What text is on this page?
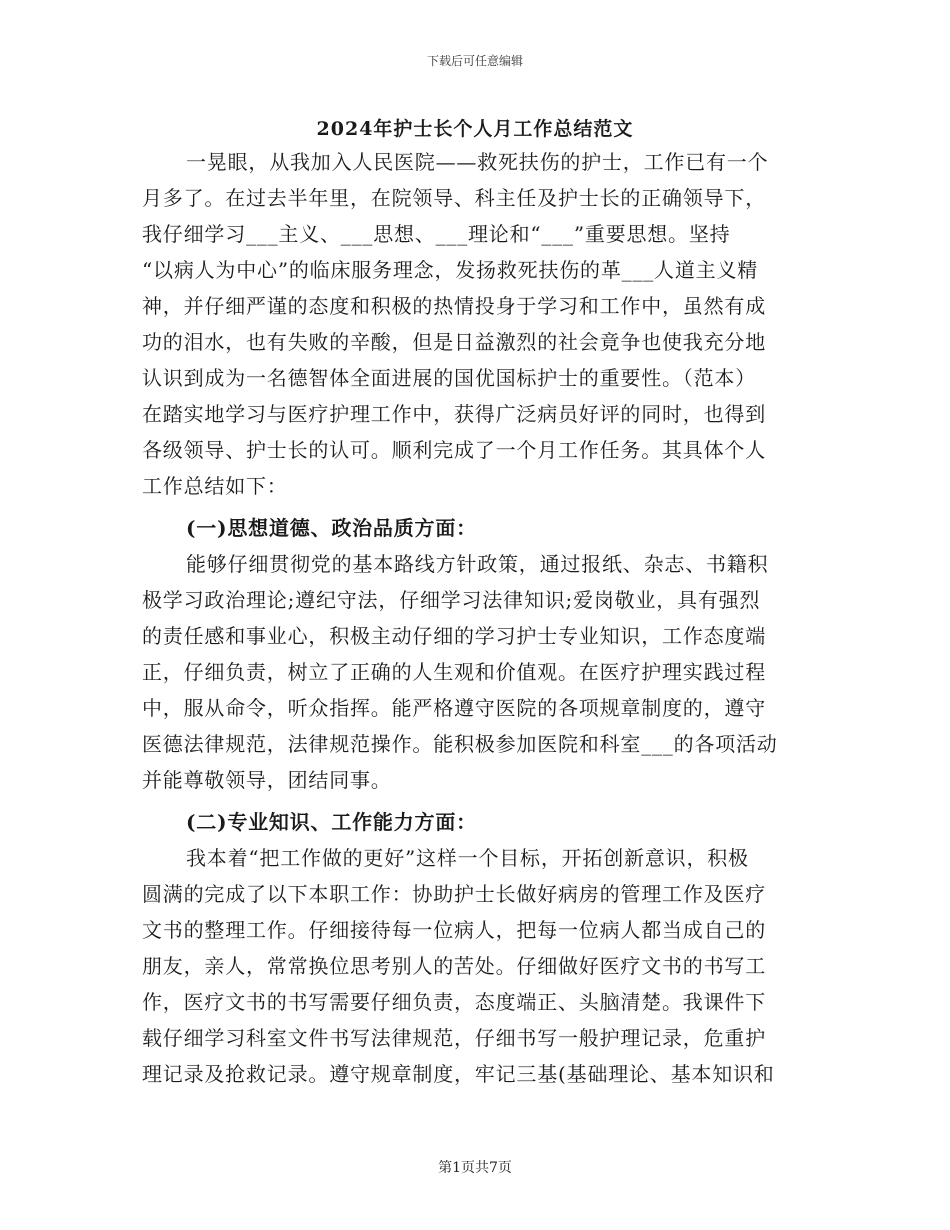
下载后可任意编辑
2024年护士长个人月工作总结范文
一晃眼，从我加入人民医院——救死扶伤的护士，工作已有一个
月多了。在过去半年里，在院领导、科主任及护士长的正确领导下，
我仔细学习___主义、___思想、___理论和“___”重要思想。坚持
“以病人为中心”的临床服务理念，发扬救死扶伤的革___人道主义精
神，并仔细严谨的态度和积极的热情投身于学习和工作中，虽然有成
功的泪水，也有失败的辛酸，但是日益激烈的社会竟争也使我充分地
认识到成为一名德智体全面进展的国优国标护士的重要性。（范本）
在踏实地学习与医疗护理工作中，获得广泛病员好评的同时，也得到
各级领导、护士长的认可。顺利完成了一个月工作任务。其具体个人
工作总结如下：
(一)思想道德、政治品质方面：
能够仔细贯彻党的基本路线方针政策，通过报纸、杂志、书籍积
极学习政治理论;遵纪守法，仔细学习法律知识;爱岗敬业，具有强烈
的责任感和事业心，积极主动仔细的学习护士专业知识，工作态度端
正，仔细负责，树立了正确的人生观和价值观。在医疗护理实践过程
中，服从命令，听众指挥。能严格遵守医院的各项规章制度的，遵守
医德法律规范，法律规范操作。能积极参加医院和科室___的各项活动
并能尊敬领导，团结同事。
(二)专业知识、工作能力方面：
我本着“把工作做的更好”这样一个目标，开拓创新意识，积极
圆满的完成了以下本职工作：协助护士长做好病房的管理工作及医疗
文书的整理工作。仔细接待每一位病人，把每一位病人都当成自己的
朋友，亲人，常常换位思考别人的苦处。仔细做好医疗文书的书写工
作，医疗文书的书写需要仔细负责，态度端正、头脑清楚。我课件下
载仔细学习科室文件书写法律规范，仔细书写一般护理记录，危重护
理记录及抢救记录。遵守规章制度，牢记三基(基础理论、基本知识和
第1页共7页
